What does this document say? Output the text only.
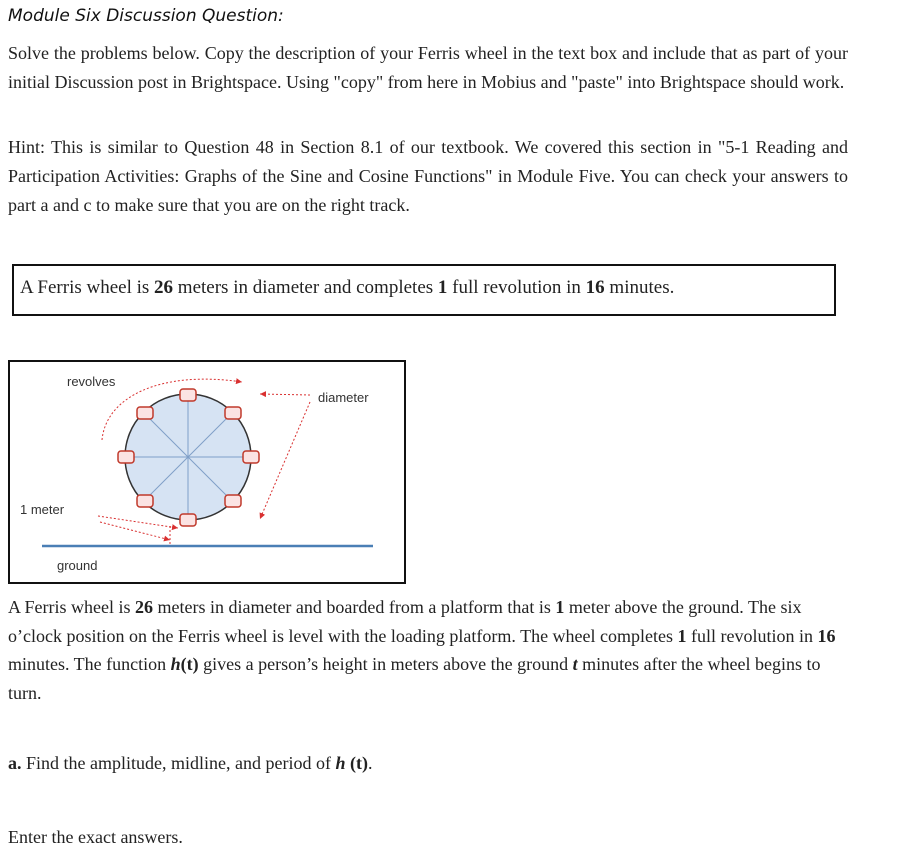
Module Six Discussion Question:
Solve the problems below. Copy the description of your Ferris wheel in the text box and include that as part of your initial Discussion post in Brightspace. Using "copy" from here in Mobius and "paste" into Brightspace should work.
Hint: This is similar to Question 48 in Section 8.1 of our textbook. We covered this section in "5-1 Reading and Participation Activities: Graphs of the Sine and Cosine Functions" in Module Five. You can check your answers to part a and c to make sure that you are on the right track.
A Ferris wheel is 26 meters in diameter and completes 1 full revolution in 16 minutes.
revolves
diameter
1 meter
ground
A Ferris wheel is 26 meters in diameter and boarded from a platform that is 1 meter above the ground. The six o’clock position on the Ferris wheel is level with the loading platform. The wheel completes 1 full revolution in 16 minutes. The function h(t) gives a person’s height in meters above the ground t minutes after the wheel begins to turn.
a. Find the amplitude, midline, and period of h (t).
Enter the exact answers.
